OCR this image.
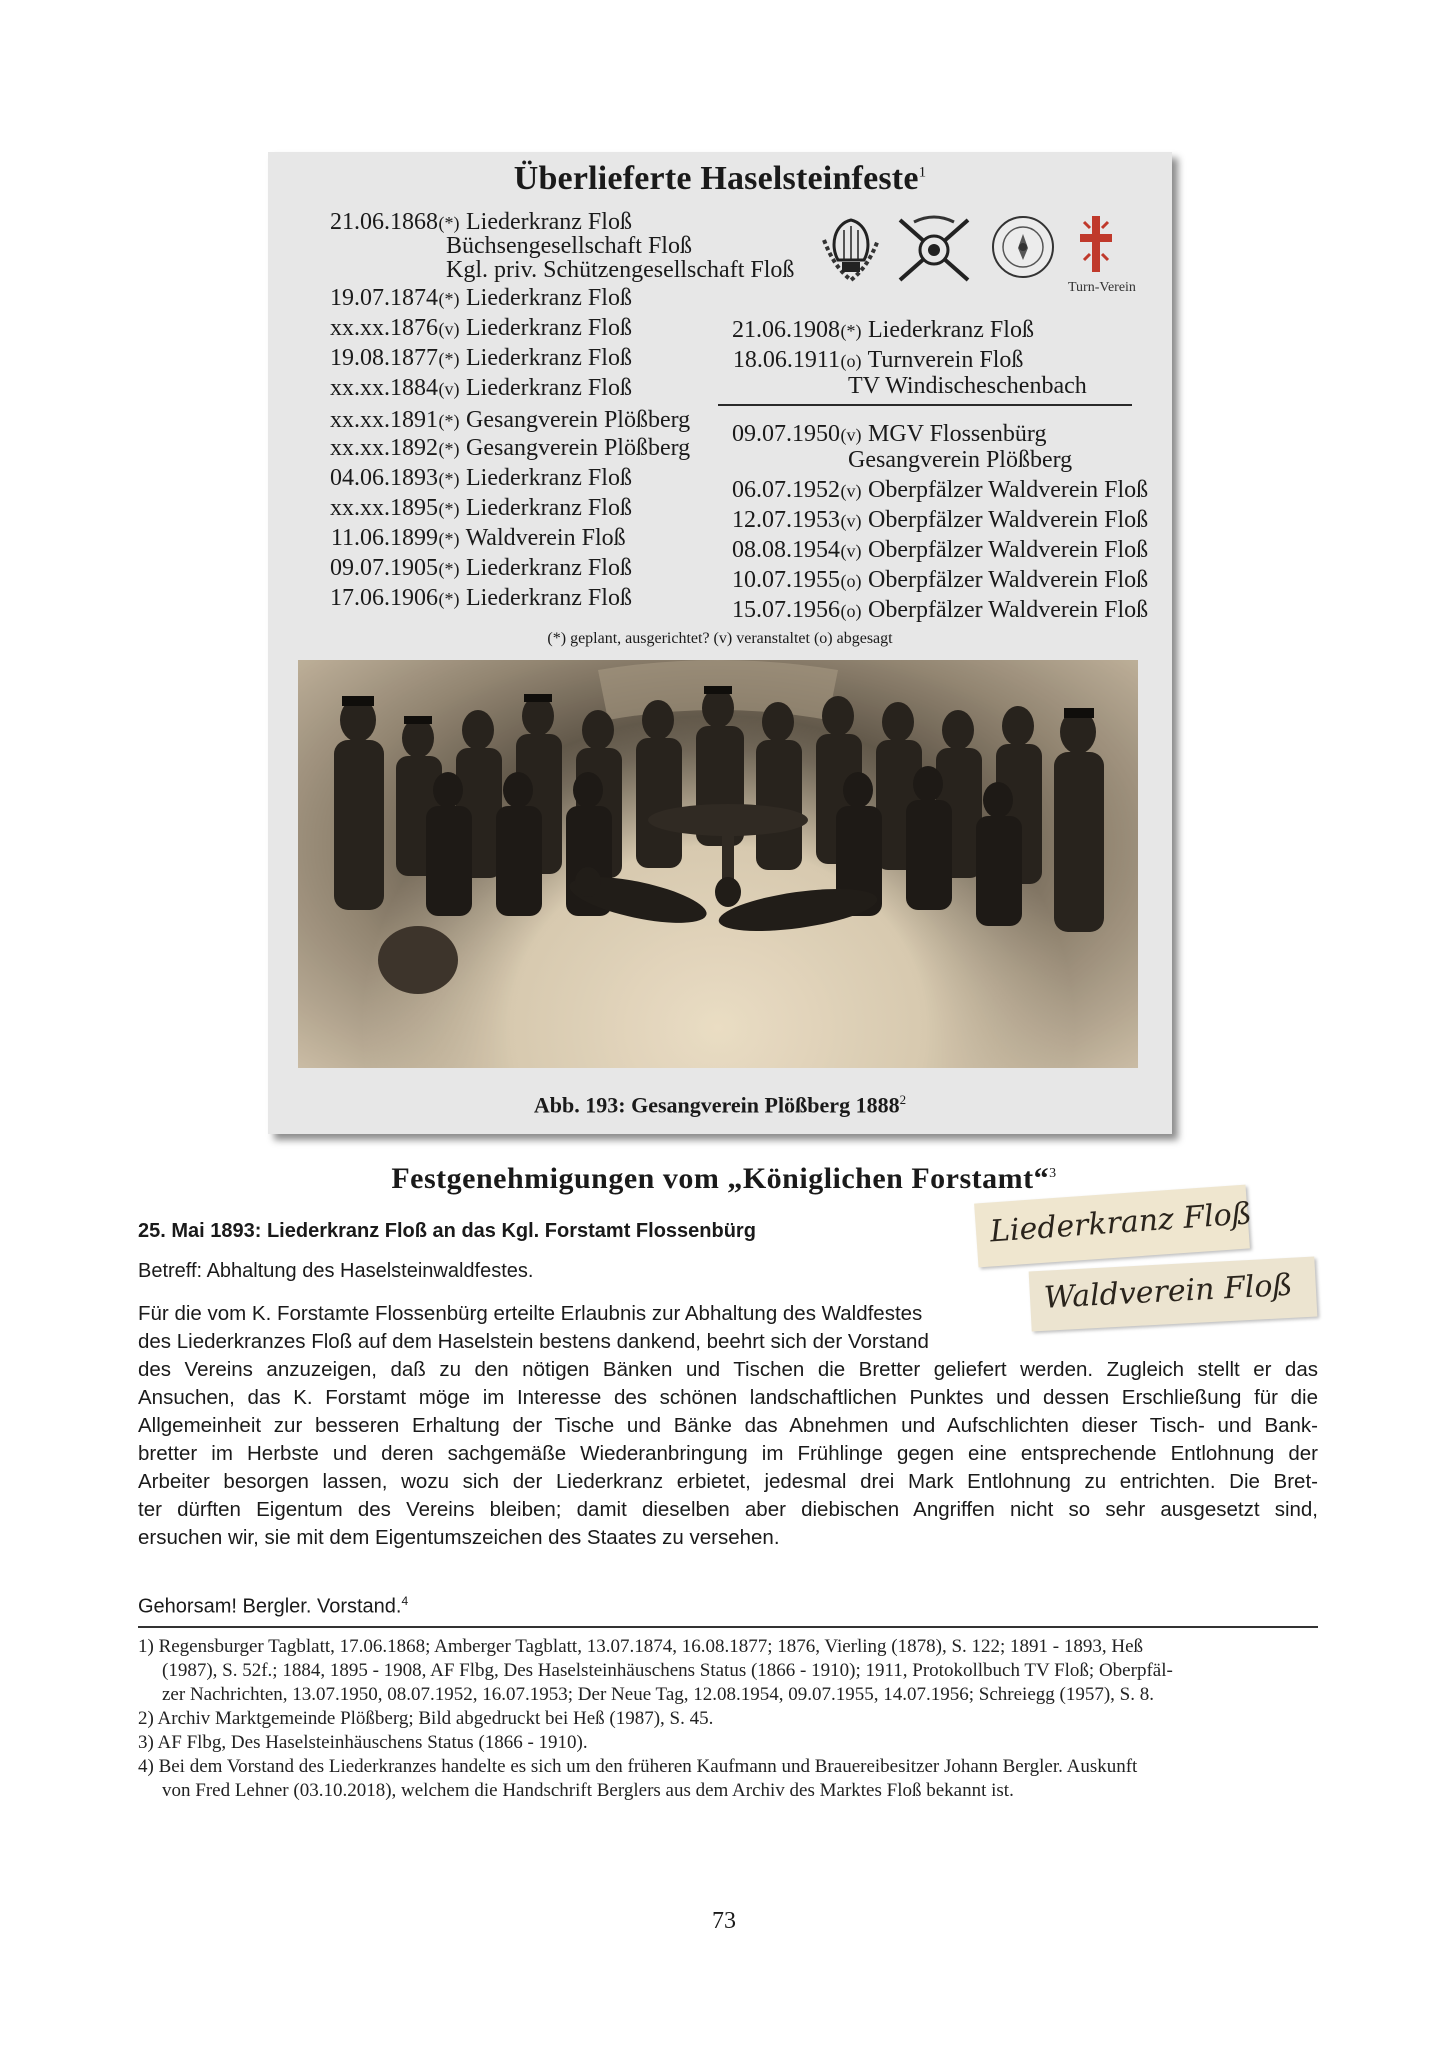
Überlieferte Haselsteinfeste$^1$
21.06.1868(*) Liederkranz Floß
Büchsengesellschaft Floß
Kgl. priv. Schützengesellschaft Floß
19.07.1874(*) Liederkranz Floß
xx.xx.1876(v) Liederkranz Floß
19.08.1877(*) Liederkranz Floß
xx.xx.1884(v) Liederkranz Floß
xx.xx.1891(*) Gesangverein Plößberg
xx.xx.1892(*) Gesangverein Plößberg
04.06.1893(*) Liederkranz Floß
xx.xx.1895(*) Liederkranz Floß
11.06.1899(*) Waldverein Floß
09.07.1905(*) Liederkranz Floß
17.06.1906(*) Liederkranz Floß
21.06.1908(*) Liederkranz Floß
18.06.1911(o) Turnverein Floß
TV Windischeschenbach
09.07.1950(v) MGV Flossenbürg
Gesangverein Plößberg
06.07.1952(v) Oberpfälzer Waldverein Floß
12.07.1953(v) Oberpfälzer Waldverein Floß
08.08.1954(v) Oberpfälzer Waldverein Floß
10.07.1955(o) Oberpfälzer Waldverein Floß
15.07.1956(o) Oberpfälzer Waldverein Floß
Turn-Verein
(*) geplant, ausgerichtet? (v) veranstaltet (o) abgesagt
Abb. 193: Gesangverein Plößberg 1888$^2$
Festgenehmigungen vom „Königlichen Forstamt“$^3$
25. Mai 1893: Liederkranz Floß an das Kgl. Forstamt Flossenbürg
Betreff: Abhaltung des Haselsteinwaldfestes.
Liederkranz Floß
Waldverein Floß
Für die vom K. Forstamte Flossenbürg erteilte Erlaubnis zur Abhaltung des Waldfestes
des Liederkranzes Floß auf dem Haselstein bestens dankend, beehrt sich der Vorstand
des Vereins anzuzeigen, daß zu den nötigen Bänken und Tischen die Bretter geliefert werden. Zugleich stellt er das
Ansuchen, das K. Forstamt möge im Interesse des schönen landschaftlichen Punktes und dessen Erschließung für die
Allgemeinheit zur besseren Erhaltung der Tische und Bänke das Abnehmen und Aufschlichten dieser Tisch- und Bank-
bretter im Herbste und deren sachgemäße Wiederanbringung im Frühlinge gegen eine entsprechende Entlohnung der
Arbeiter besorgen lassen, wozu sich der Liederkranz erbietet, jedesmal drei Mark Entlohnung zu entrichten. Die Bret-
ter dürften Eigentum des Vereins bleiben; damit dieselben aber diebischen Angriffen nicht so sehr ausgesetzt sind,
ersuchen wir, sie mit dem Eigentumszeichen des Staates zu versehen.
Gehorsam! Bergler. Vorstand.$^4$
1) Regensburger Tagblatt, 17.06.1868; Amberger Tagblatt, 13.07.1874, 16.08.1877; 1876, Vierling (1878), S. 122; 1891 - 1893, Heß
(1987), S. 52f.; 1884, 1895 - 1908, AF Flbg, Des Haselsteinhäuschens Status (1866 - 1910); 1911, Protokollbuch TV Floß; Oberpfäl-
zer Nachrichten, 13.07.1950, 08.07.1952, 16.07.1953; Der Neue Tag, 12.08.1954, 09.07.1955, 14.07.1956; Schreiegg (1957), S. 8.
2) Archiv Marktgemeinde Plößberg; Bild abgedruckt bei Heß (1987), S. 45.
3) AF Flbg, Des Haselsteinhäuschens Status (1866 - 1910).
4) Bei dem Vorstand des Liederkranzes handelte es sich um den früheren Kaufmann und Brauereibesitzer Johann Bergler. Auskunft
von Fred Lehner (03.10.2018), welchem die Handschrift Berglers aus dem Archiv des Marktes Floß bekannt ist.
73
